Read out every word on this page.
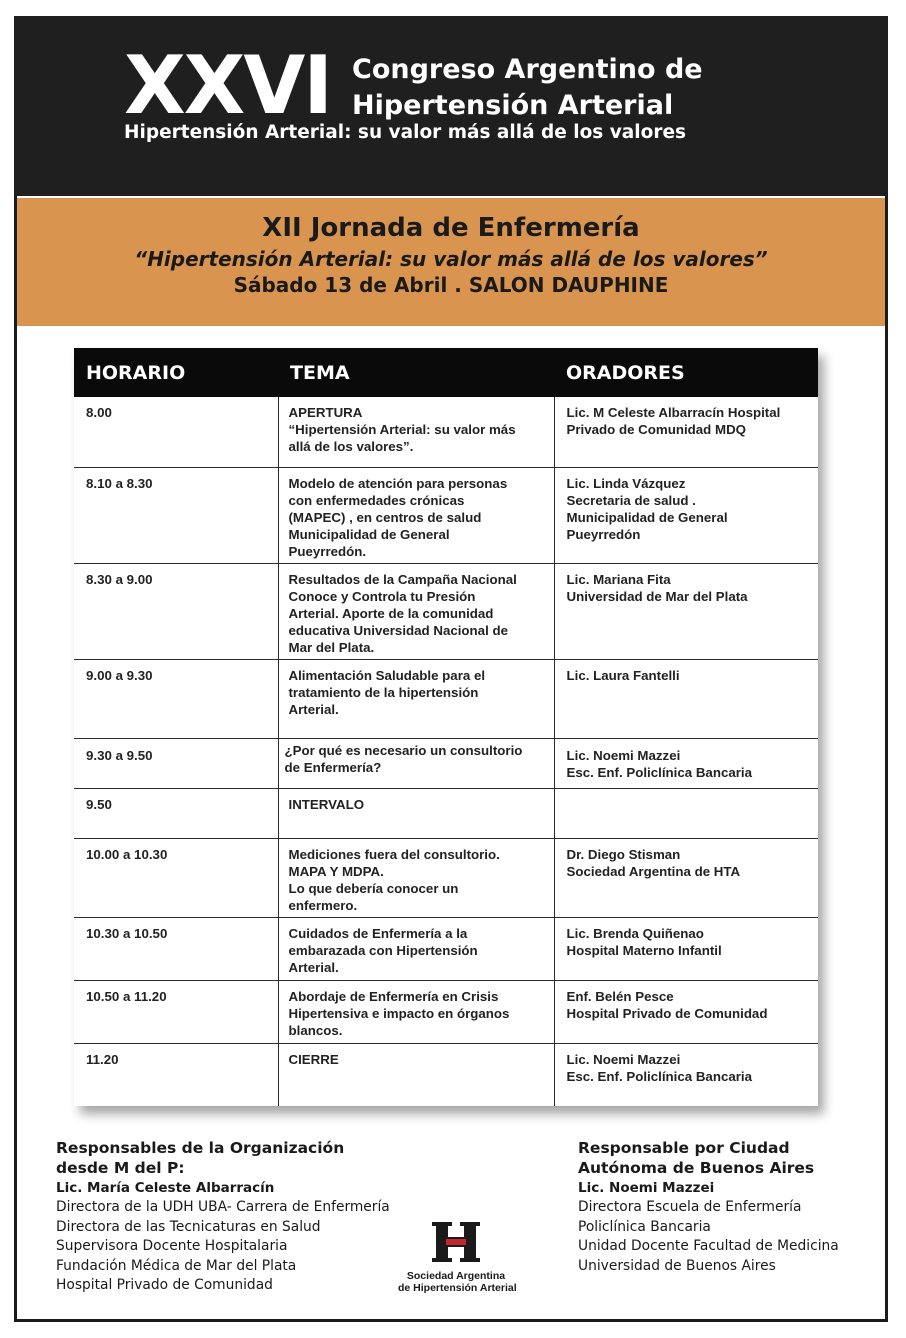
XXVI Congreso Argentino de
Hipertensión Arterial
Hipertensión Arterial: su valor más allá de los valores
XII Jornada de Enfermería
“Hipertensión Arterial: su valor más allá de los valores”
Sábado 13 de Abril . SALON DAUPHINE
HORARIO	TEMA	ORADORES
8.00	APERTURA
“Hipertensión Arterial: su valor más
allá de los valores”.	Lic. M Celeste Albarracín Hospital
Privado de Comunidad MDQ
8.10 a 8.30	Modelo de atención para personas
con enfermedades crónicas
(MAPEC) , en centros de salud
Municipalidad de General
Pueyrredón.	Lic. Linda Vázquez
Secretaria de salud .
Municipalidad de General
Pueyrredón
8.30 a 9.00	Resultados de la Campaña Nacional
Conoce y Controla tu Presión
Arterial. Aporte de la comunidad
educativa Universidad Nacional de
Mar del Plata.	Lic. Mariana Fita
Universidad de Mar del Plata
9.00 a 9.30	Alimentación Saludable para el
tratamiento de la hipertensión
Arterial.	Lic. Laura Fantelli
9.30 a 9.50	¿Por qué es necesario un consultorio
de Enfermería?	Lic. Noemi Mazzei
Esc. Enf. Policlínica Bancaria
9.50	INTERVALO	
10.00 a 10.30	Mediciones fuera del consultorio.
MAPA Y MDPA.
Lo que debería conocer un
enfermero.	Dr. Diego Stisman
Sociedad Argentina de HTA
10.30 a 10.50	Cuidados de Enfermería a la
embarazada con Hipertensión
Arterial.	Lic. Brenda Quiñenao
Hospital Materno Infantil
10.50 a 11.20	Abordaje de Enfermería en Crisis
Hipertensiva e impacto en órganos
blancos.	Enf. Belén Pesce
Hospital Privado de Comunidad
11.20	CIERRE	Lic. Noemi Mazzei
Esc. Enf. Policlínica Bancaria
Responsables de la Organización
desde M del P:
Lic. María Celeste Albarracín
Directora de la UDH UBA- Carrera de Enfermería
Directora de las Tecnicaturas en Salud
Supervisora Docente Hospitalaria
Fundación Médica de Mar del Plata
Hospital Privado de Comunidad
Responsable por Ciudad
Autónoma de Buenos Aires
Lic. Noemi Mazzei
Directora Escuela de Enfermería
Policlínica Bancaria
Unidad Docente Facultad de Medicina
Universidad de Buenos Aires
Sociedad Argentina
de Hipertensión Arterial
